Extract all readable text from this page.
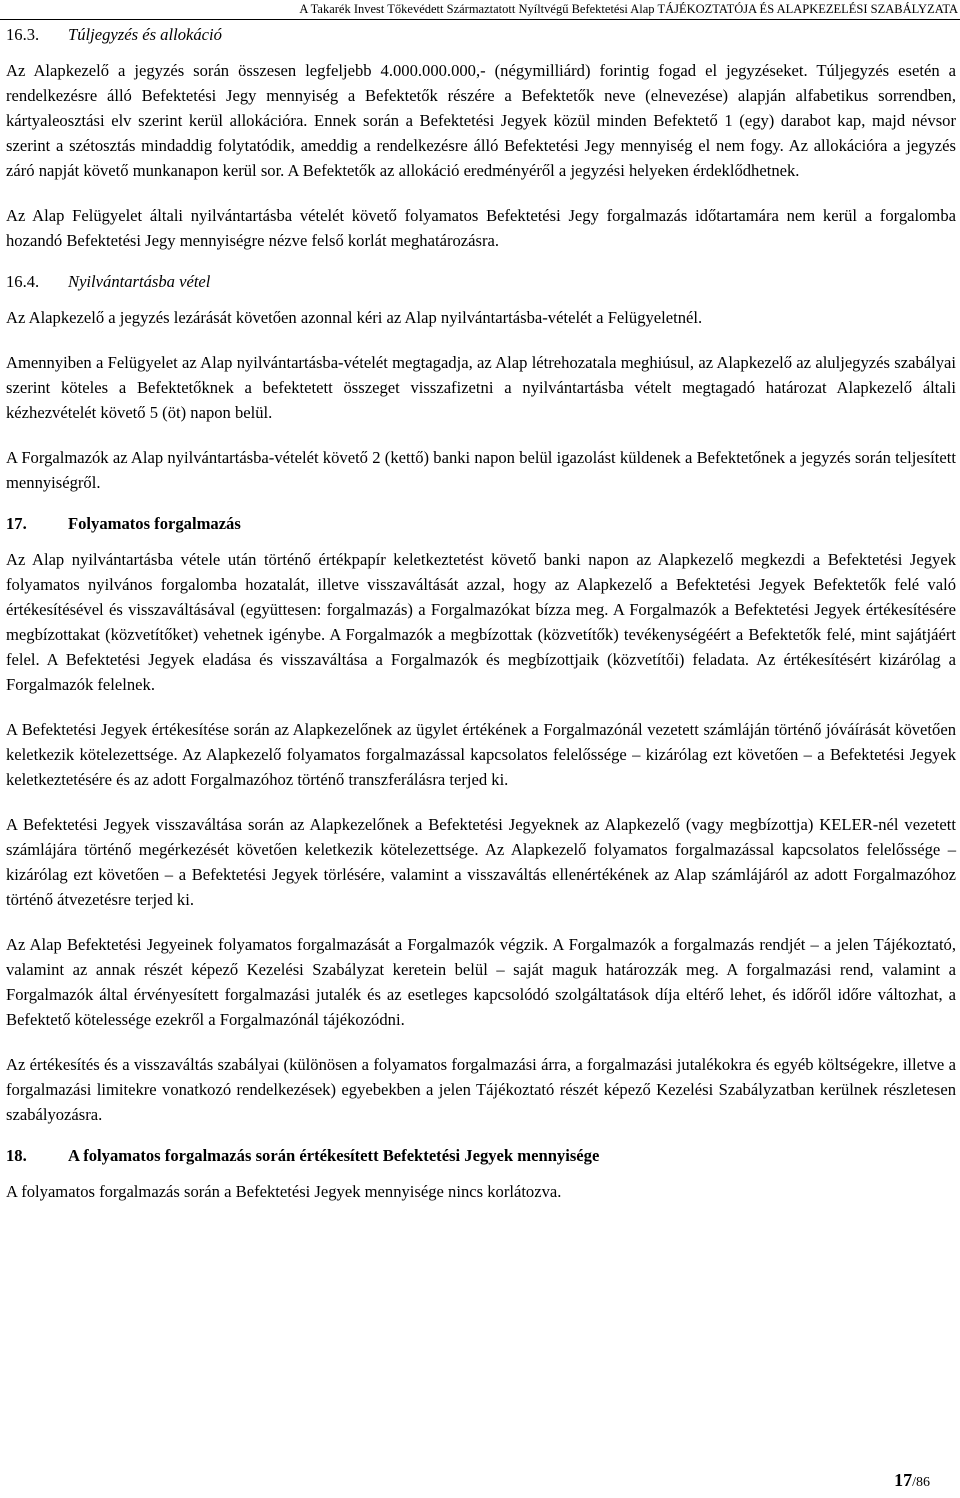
A Takarék Invest Tőkevédett Származtatott Nyíltvégű Befektetési Alap TÁJÉKOZTATÓJA ÉS ALAPKEZELÉSI SZABÁLYZATA
16.3. Túljegyzés és allokáció

Az Alapkezelő a jegyzés során összesen legfeljebb 4.000.000.000,- (négymilliárd) forintig fogad el jegyzéseket. Túljegyzés esetén a rendelkezésre álló Befektetési Jegy mennyiség a Befektetők részére a Befektetők neve (elnevezése) alapján alfabetikus sorrendben, kártyaleosztási elv szerint kerül allokációra. Ennek során a Befektetési Jegyek közül minden Befektető 1 (egy) darabot kap, majd névsor szerint a szétosztás mindaddig folytatódik, ameddig a rendelkezésre álló Befektetési Jegy mennyiség el nem fogy. Az allokációra a jegyzés záró napját követő munkanapon kerül sor. A Befektetők az allokáció eredményéről a jegyzési helyeken érdeklődhetnek.

Az Alap Felügyelet általi nyilvántartásba vételét követő folyamatos Befektetési Jegy forgalmazás időtartamára nem kerül a forgalomba hozandó Befektetési Jegy mennyiségre nézve felső korlát meghatározásra.

16.4. Nyilvántartásba vétel

Az Alapkezelő a jegyzés lezárását követően azonnal kéri az Alap nyilvántartásba-vételét a Felügyeletnél.

Amennyiben a Felügyelet az Alap nyilvántartásba-vételét megtagadja, az Alap létrehozatala meghiúsul, az Alapkezelő az aluljegyzés szabályai szerint köteles a Befektetőknek a befektetett összeget visszafizetni a nyilvántartásba vételt megtagadó határozat Alapkezelő általi kézhezvételét követő 5 (öt) napon belül.

A Forgalmazók az Alap nyilvántartásba-vételét követő 2 (kettő) banki napon belül igazolást küldenek a Befektetőnek a jegyzés során teljesített mennyiségről.

17. Folyamatos forgalmazás

Az Alap nyilvántartásba vétele után történő értékpapír keletkeztetést követő banki napon az Alapkezelő megkezdi a Befektetési Jegyek folyamatos nyilvános forgalomba hozatalát, illetve visszaváltását azzal, hogy az Alapkezelő a Befektetési Jegyek Befektetők felé való értékesítésével és visszaváltásával (együttesen: forgalmazás) a Forgalmazókat bízza meg. A Forgalmazók a Befektetési Jegyek értékesítésére megbízottakat (közvetítőket) vehetnek igénybe. A Forgalmazók a megbízottak (közvetítők) tevékenységéért a Befektetők felé, mint sajátjáért felel. A Befektetési Jegyek eladása és visszaváltása a Forgalmazók és megbízottjaik (közvetítői) feladata. Az értékesítésért kizárólag a Forgalmazók felelnek.

A Befektetési Jegyek értékesítése során az Alapkezelőnek az ügylet értékének a Forgalmazónál vezetett számláján történő jóváírását követően keletkezik kötelezettsége. Az Alapkezelő folyamatos forgalmazással kapcsolatos felelőssége – kizárólag ezt követően – a Befektetési Jegyek keletkeztetésére és az adott Forgalmazóhoz történő transzferálásra terjed ki.

A Befektetési Jegyek visszaváltása során az Alapkezelőnek a Befektetési Jegyeknek az Alapkezelő (vagy megbízottja) KELER-nél vezetett számlájára történő megérkezését követően keletkezik kötelezettsége. Az Alapkezelő folyamatos forgalmazással kapcsolatos felelőssége – kizárólag ezt követően – a Befektetési Jegyek törlésére, valamint a visszaváltás ellenértékének az Alap számlájáról az adott Forgalmazóhoz történő átvezetésre terjed ki.

Az Alap Befektetési Jegyeinek folyamatos forgalmazását a Forgalmazók végzik. A Forgalmazók a forgalmazás rendjét – a jelen Tájékoztató, valamint az annak részét képező Kezelési Szabályzat keretein belül – saját maguk határozzák meg. A forgalmazási rend, valamint a Forgalmazók által érvényesített forgalmazási jutalék és az esetleges kapcsolódó szolgáltatások díja eltérő lehet, és időről időre változhat, a Befektető kötelessége ezekről a Forgalmazónál tájékozódni.

Az értékesítés és a visszaváltás szabályai (különösen a folyamatos forgalmazási árra, a forgalmazási jutalékokra és egyéb költségekre, illetve a forgalmazási limitekre vonatkozó rendelkezések) egyebekben a jelen Tájékoztató részét képező Kezelési Szabályzatban kerülnek részletesen szabályozásra.

18. A folyamatos forgalmazás során értékesített Befektetési Jegyek mennyisége

A folyamatos forgalmazás során a Befektetési Jegyek mennyisége nincs korlátozva.

17/86
